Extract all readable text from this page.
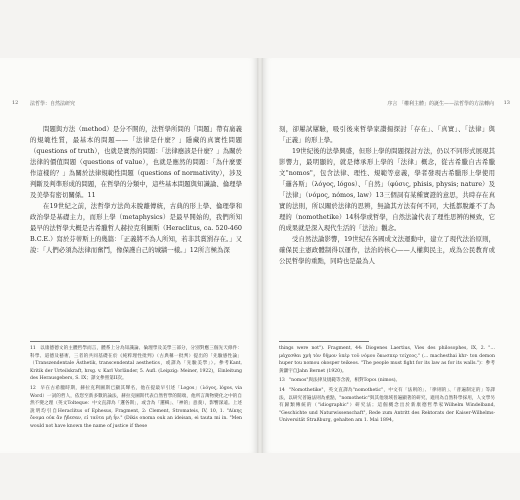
12 法哲學：自然法研究

問題與方法（method）是分不開的，法哲學所問的「問題」帶有廣義的規範性質，最基本的問題——「法律是什麼？」隱藏的真實性問題（questions of truth），也就是實然的問題：「法律應該是什麼？」為關於法律的價值問題（questions of value），也就是應然的問題：「為什麼要作這樣的？」為關於法律規範性問題（questions of normativity），涉及判斷及判準形成的問題，在哲學的分類中，這些基本問題與知識論、倫理學及美學有密切關係。11

在19世紀之前，法哲學方法尚未脫離傳統，古典的形上學、倫理學和政治學是基礎主力，而形上學（metaphysics）是最早開始的，我們所知最早的法哲學大概是古希臘哲人赫拉克利圖斯（Heraclitus, ca. 520-460 B.C.E.）寫於芬蒂斯上的幾篇：「正義將不為人所知，若非其賞罰存在。」又說：「人們必須為法律而奮鬥，像保護自己的城牆一樣。」12所言極為深

11 以康德德文的主體哲學而言，體系上分為知識論、倫理學及美學三部分，分別對應三個先天條件：科學、道德及藝術，三者的共同基礎在於《純粹理性批判》（古典稱一批判）提出的「先驗感性論」（Transzendentale Ästhetik, transcendental aesthetics，或譯為「先驗美學」）。參考Kant, Kritik der Urteilskraft, hrsg. v. Karl Vorländer, 5. Aufl. (Leipzig: Meiner, 1922)，Einleitung des Herausgebers, S. IX；譯文參照第II次。
12 早在古希臘時期，赫拉克利圖斯已顯其聲名，他在提最早引述「Logos」（λόγος, lógos, via Word）一詞的哲人，依您至新多數的論法，赫拉克圖斯代表自然哲學的開端，他所言萬物變化之中的自然不變之理（英文Tolteque：中文直譯為「邏各斯」，或含為「邏輯」、「神的」意義），影響深遠。上述說明均引自Heraclitus of Ephesus, Fragment, 2: Clement, Stromateis, IV, 10, 1. "Δίκης ὄνομα οὐκ ἂν ᾔδεσαν, εἰ ταῦτα μὴ ἦν." (Dikis onoma ouk an ideisan, ei tauta mi in. "Men would not have known the name of justice if these
序言 「權利主體」的誕生——法哲學的方法轉向 13

刻，卻屢試屢驗，吸引後來哲學家讚揚探討「存在」、「真實」、「法律」與「正義」的形上學。

19世紀後的法學興盛，但形上學的問題探討方法，仍以不同形式展現其影響力，最明顯的，就是傳承形上學的「法律」概念，從古希臘自古希臘文"nomos"，包含法律、理性、規範等意義，學者發現古希臘形上學使用「邏各斯」（λόγος, lógos）、「自然」（φύσις, phisis, physis; nature）及「法律」（νόμος, nómos, law）13三個詞有某種實證的意思，共時存在真實的法則，所以關於法律的思辨，無論其方法有何不同，大抵都脫離不了為理的（nomothetike）14科學或哲學，自然法論代表了理性思辨的極致，它的成果就是深入現代生活的「法治」觀念。

受自然法論影響，19世紀在各國成文法運動中，建立了現代法治原則，確保民主憲政體制得以運作，法治的核心——人權與民主，成為公民教育或公民哲學的重點，同時也是最為人

things were not"). Fragment, 44: Diogenes Laertius, Vies des philosophes, IX, 2. "… μάχεσθαι χρὴ τὸν δῆμον ὑπὲρ τοῦ νόμου ὅκωσπερ τείχεος." (… machesthai khr- ton demon huper tou nomou okosper teikeos. "The people must fight for its law as for its walls.")：參考黃灝宇自Jahn Bernet (1920)。
13 "nomos"與法律及規範等含義，相對Topoι (nimos)。
14 "Nomothetike"，英文直譯為"nomothetic"，中文有「法則的」、「律則的」、「普遍制定的」等譯法，以研究普遍法則為重點，"nomothetic"與其他領域普遍顯著的研究，適用為自然科學採用，人文學另有歸類傳統的（"idiographic"）研究法；這個概念出於新康德哲學家Wilhelm Windelband, "Geschichte und Naturwissenschaft", Rede zum Antritt des Rektorats der Kaiser-Wilhelms-Universität Straßburg, gehalten am 1. Mai 1894。
